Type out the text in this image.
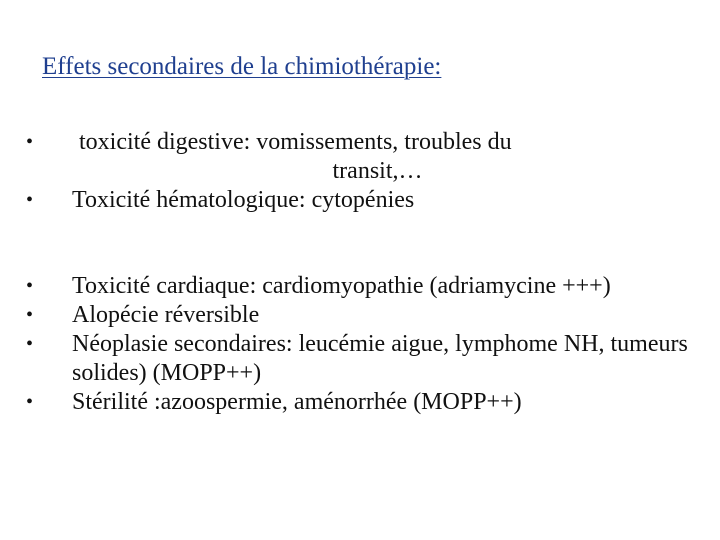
Effets secondaires de la chimiothérapie:
•	toxicité digestive: vomissements, troubles du
transit,…
•	Toxicité hématologique: cytopénies
•	Toxicité cardiaque: cardiomyopathie (adriamycine +++)
•	Alopécie réversible
•	Néoplasie secondaires: leucémie aigue, lymphome NH, tumeurs solides) (MOPP++)
•	Stérilité :azoospermie, aménorrhée (MOPP++)
